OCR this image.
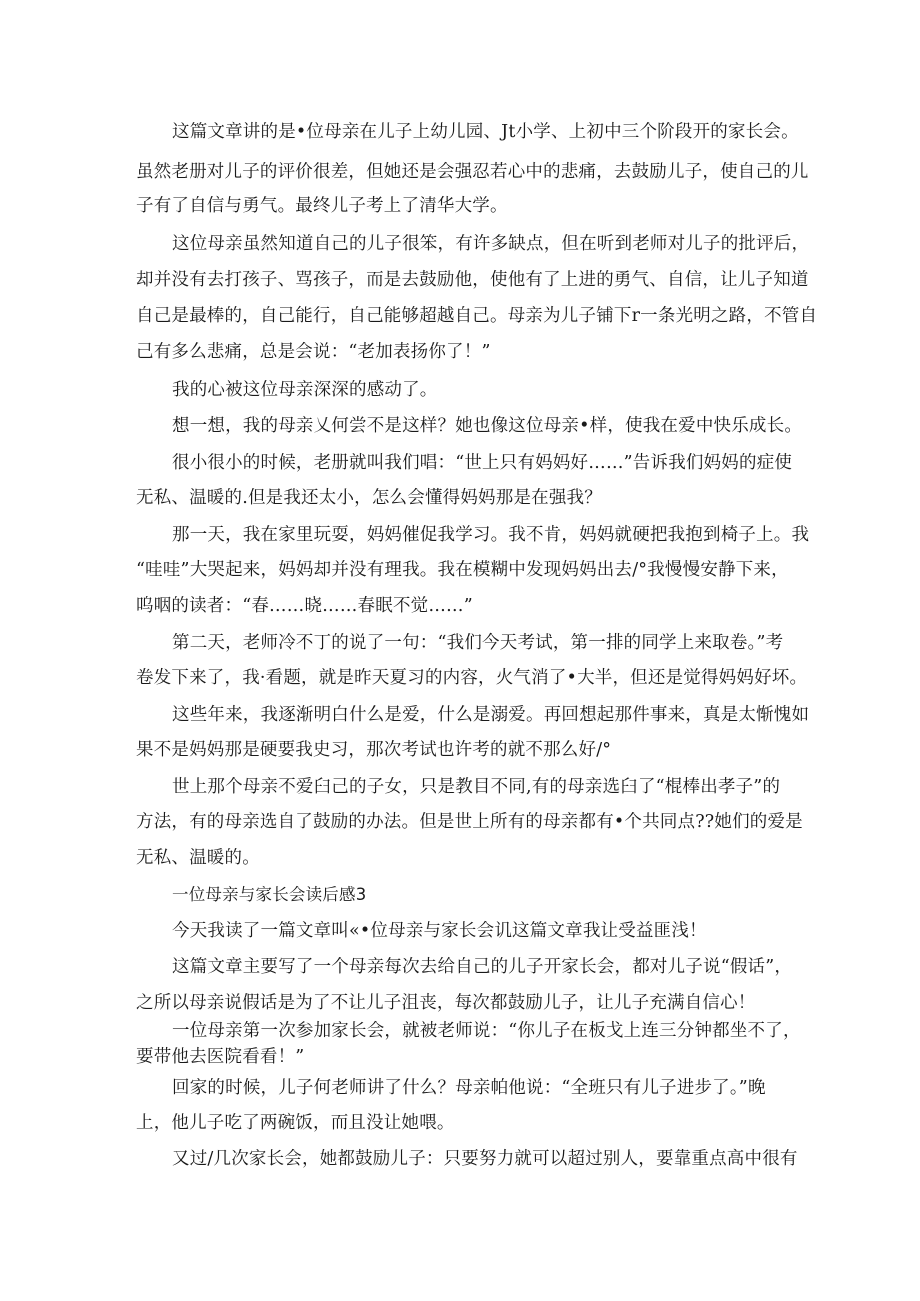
这篇文章讲的是•位母亲在儿子上幼儿园、Jt小学、上初中三个阶段开的家长会。
虽然老册对儿子的评价很差，但她还是会强忍若心中的悲痛，去鼓励儿子，使自己的儿
子有了自信与勇气。最终儿子考上了清华大学。
这位母亲虽然知道自己的儿子很笨，有许多缺点，但在听到老师对儿子的批评后，
却并没有去打孩子、骂孩子，而是去鼓励他，使他有了上进的勇气、自信，让儿子知道
自己是最棒的，自己能行，自己能够超越自己。母亲为儿子铺下r一条光明之路，不管自
己有多么悲痛，总是会说：“老加表扬你了！”
我的心被这位母亲深深的感动了。
想一想，我的母亲乂何尝不是这样？她也像这位母亲•样，使我在爱中快乐成长。
很小很小的时候，老册就叫我们唱：“世上只有妈妈好……”告诉我们妈妈的症使
无私、温暖的.但是我还太小，怎么会懂得妈妈那是在强我？
那一天，我在家里玩耍，妈妈催促我学习。我不肯，妈妈就硬把我抱到椅子上。我
“哇哇”大哭起来，妈妈却并没有理我。我在模糊中发现妈妈出去/°我慢慢安静下来，
呜咽的读者：“春……晓……春眠不觉……”
第二天，老师冷不丁的说了一句：“我们今天考试，第一排的同学上来取卷。”考
卷发下来了，我·看题，就是昨天夏习的内容，火气消了•大半，但还是觉得妈妈好坏。
这些年来，我逐渐明白什么是爱，什么是溺爱。再回想起那件事来，真是太惭愧如
果不是妈妈那是硬要我史习，那次考试也许考的就不那么好/°
世上那个母亲不爱臼己的子女，只是教目不同,有的母亲选臼了“棍棒出孝子”的
方法，有的母亲选自了鼓励的办法。但是世上所有的母亲都有•个共同点??她们的爱是
无私、温暖的。
一位母亲与家长会读后感3
今天我读了一篇文章叫«•位母亲与家长会讥这篇文章我让受益匪浅！
这篇文章主要写了一个母亲每次去给自己的儿子开家长会，都对儿子说“假话”，
之所以母亲说假话是为了不让儿子沮丧，每次都鼓励儿子，让儿子充满自信心！
一位母亲第一次参加家长会，就被老师说：“你儿子在板戈上连三分钟都坐不了，
要带他去医院看看！”
回家的时候，儿子何老师讲了什么？母亲帕他说：“全班只有儿子进步了。”晚
上，他儿子吃了两碗饭，而且没让她喂。
又过/几次家长会，她都鼓励儿子：只要努力就可以超过别人，要靠重点高中很有
